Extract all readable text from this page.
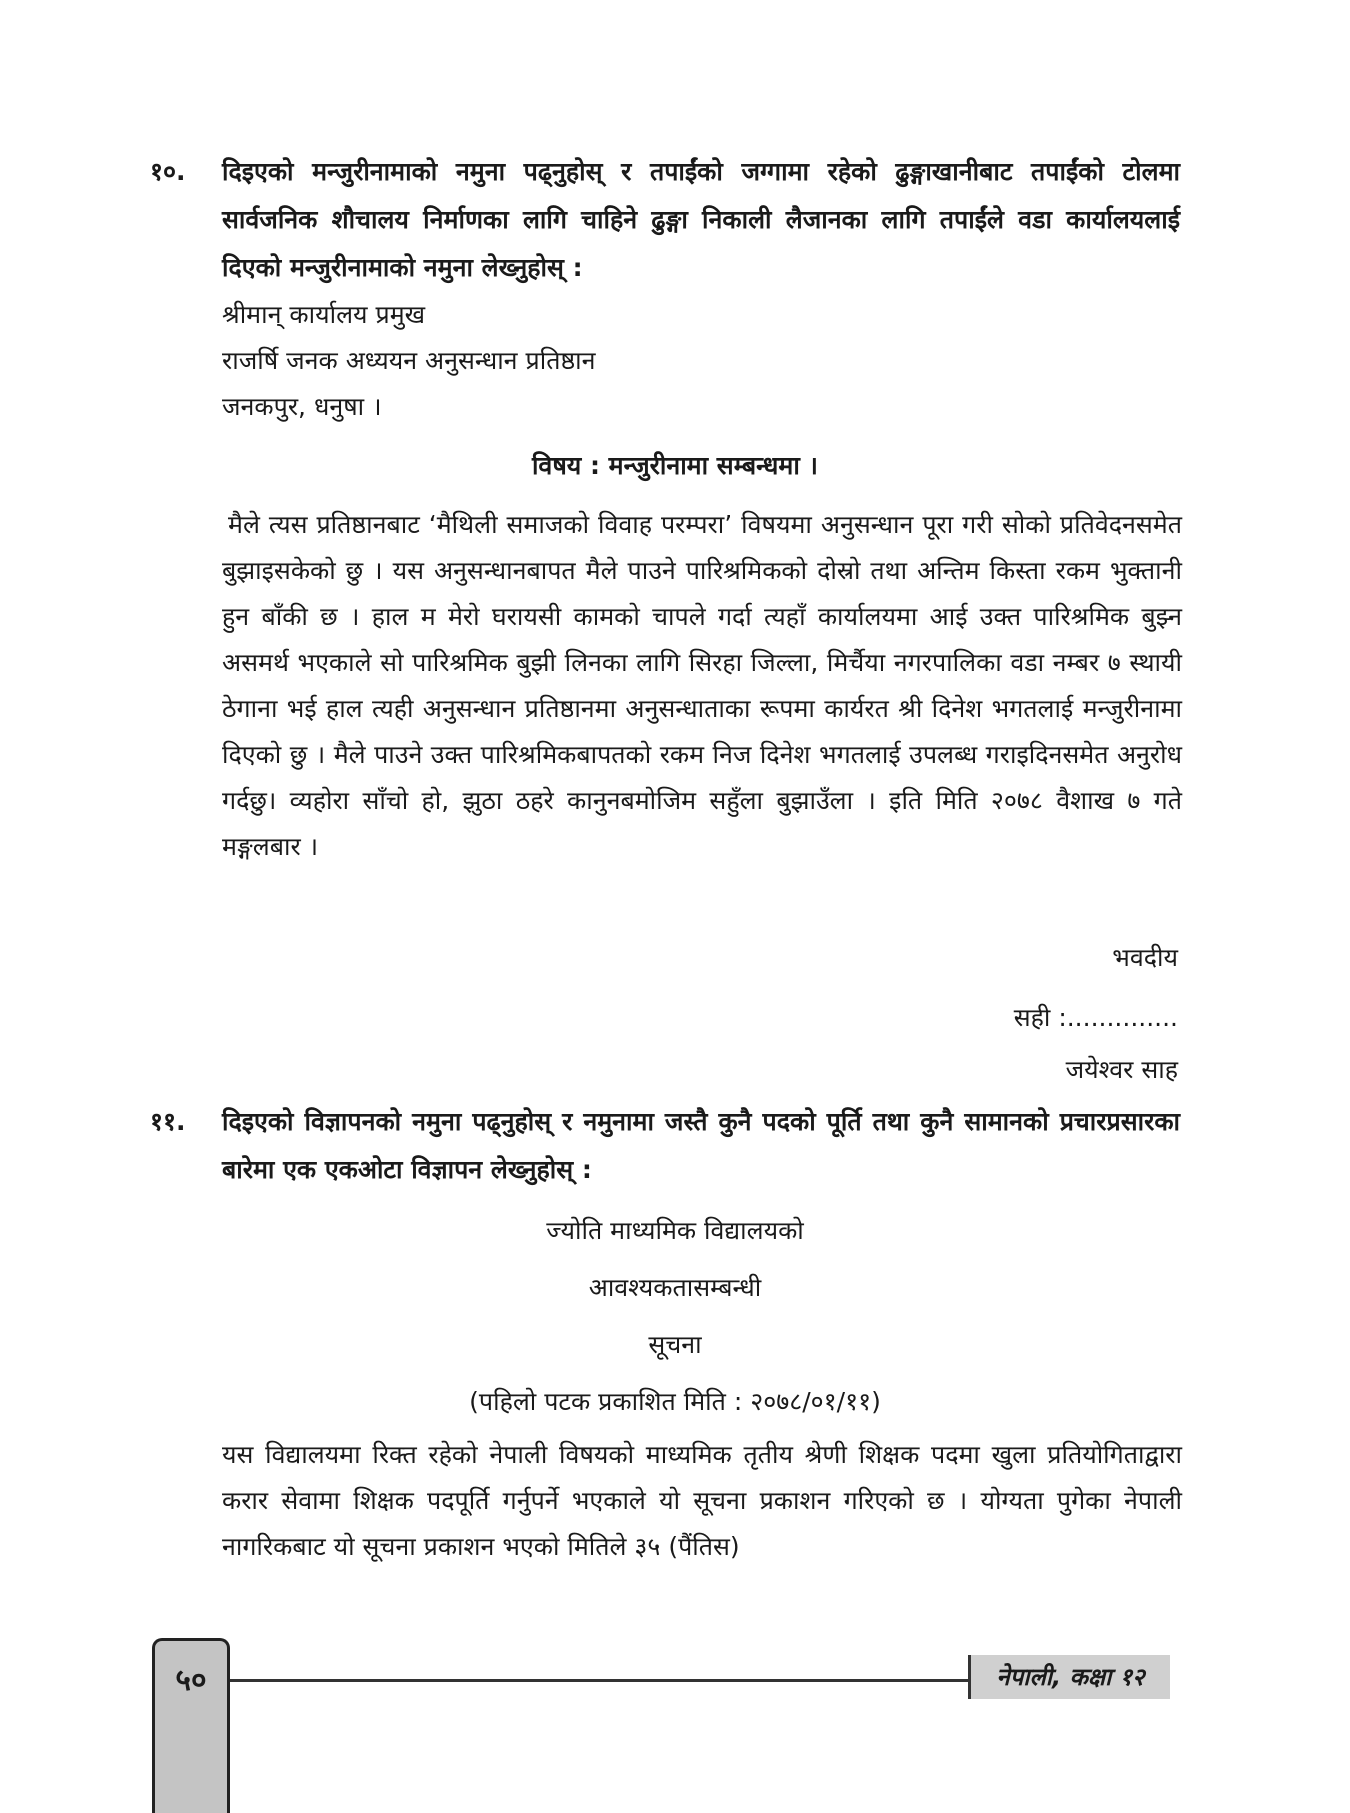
१०.	दिइएको मन्जुरीनामाको नमुना पढ्नुहोस् र तपाईंको जग्गामा रहेको ढुङ्गाखानीबाट तपाईंको टोलमा सार्वजनिक शौचालय निर्माणका लागि चाहिने ढुङ्गा निकाली लैजानका लागि तपाईंले वडा कार्यालयलाई दिएको मन्जुरीनामाको नमुना लेख्नुहोस् :
श्रीमान् कार्यालय प्रमुख
राजर्षि जनक अध्ययन अनुसन्धान प्रतिष्ठान
जनकपुर, धनुषा ।
विषय : मन्जुरीनामा सम्बन्धमा ।
मैले त्यस प्रतिष्ठानबाट ‘मैथिली समाजको विवाह परम्परा’ विषयमा अनुसन्धान पूरा गरी सोको प्रतिवेदनसमेत बुझाइसकेको छु । यस अनुसन्धानबापत मैले पाउने पारिश्रमिकको दोस्रो तथा अन्तिम किस्ता रकम भुक्तानी हुन बाँकी छ । हाल म मेरो घरायसी कामको चापले गर्दा त्यहाँ कार्यालयमा आई उक्त पारिश्रमिक बुझ्न असमर्थ भएकाले सो पारिश्रमिक बुझी लिनका लागि सिरहा जिल्ला, मिर्चैया नगरपालिका वडा नम्बर ७ स्थायी ठेगाना भई हाल त्यही अनुसन्धान प्रतिष्ठानमा अनुसन्धाताका रूपमा कार्यरत श्री दिनेश भगतलाई मन्जुरीनामा दिएको छु । मैले पाउने उक्त पारिश्रमिकबापतको रकम निज दिनेश भगतलाई उपलब्ध गराइदिनसमेत अनुरोध गर्दछु। व्यहोरा साँचो हो, झुठा ठहरे कानुनबमोजिम सहुँला बुझाउँला । इति मिति २०७८ वैशाख ७ गते मङ्गलबार ।
भवदीय
सही :..............
जयेश्वर साह
११.	दिइएको विज्ञापनको नमुना पढ्नुहोस् र नमुनामा जस्तै कुनै पदको पूर्ति तथा कुनै सामानको प्रचारप्रसारका बारेमा एक एकओटा विज्ञापन लेख्नुहोस् :
ज्योति माध्यमिक विद्यालयको
आवश्यकतासम्बन्धी
सूचना
(पहिलो पटक प्रकाशित मिति : २०७८/०१/११)
यस विद्यालयमा रिक्त रहेको नेपाली विषयको माध्यमिक तृतीय श्रेणी शिक्षक पदमा खुला प्रतियोगिताद्वारा करार सेवामा शिक्षक पदपूर्ति गर्नुपर्ने भएकाले यो सूचना प्रकाशन गरिएको छ । योग्यता पुगेका नेपाली नागरिकबाट यो सूचना प्रकाशन भएको मितिले ३५ (पैंतिस)
५०	नेपाली, कक्षा १२
